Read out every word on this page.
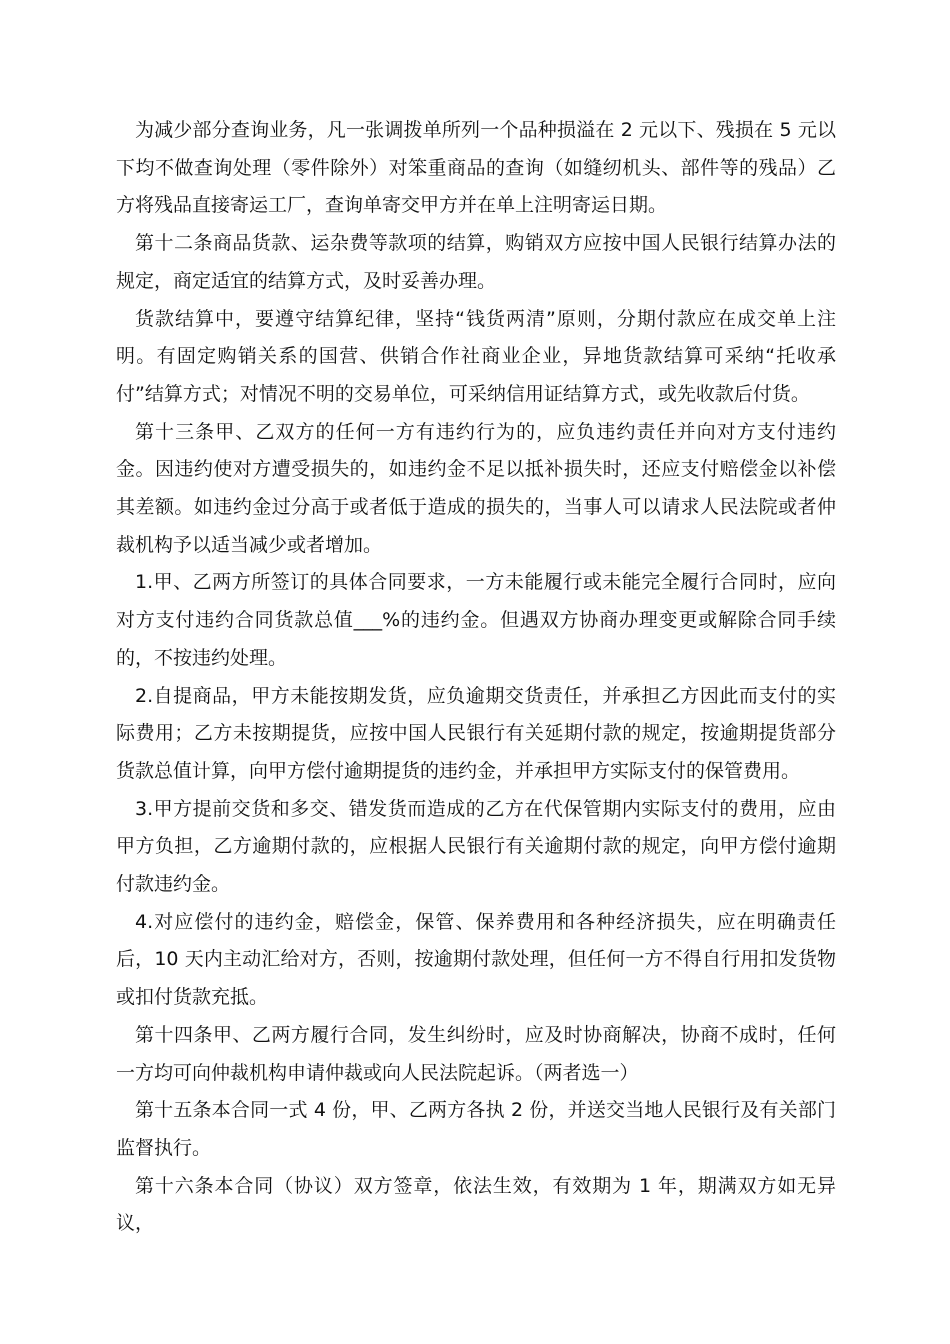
为减少部分查询业务，凡一张调拨单所列一个品种损溢在 2 元以下、残损在 5 元以下均不做查询处理（零件除外）对笨重商品的查询（如缝纫机头、部件等的残品）乙方将残品直接寄运工厂，查询单寄交甲方并在单上注明寄运日期。

第十二条商品货款、运杂费等款项的结算，购销双方应按中国人民银行结算办法的规定，商定适宜的结算方式，及时妥善办理。

货款结算中，要遵守结算纪律，坚持“钱货两清”原则，分期付款应在成交单上注明。有固定购销关系的国营、供销合作社商业企业，异地货款结算可采纳“托收承付”结算方式；对情况不明的交易单位，可采纳信用证结算方式，或先收款后付货。

第十三条甲、乙双方的任何一方有违约行为的，应负违约责任并向对方支付违约金。因违约使对方遭受损失的，如违约金不足以抵补损失时，还应支付赔偿金以补偿其差额。如违约金过分高于或者低于造成的损失的，当事人可以请求人民法院或者仲裁机构予以适当减少或者增加。

1.甲、乙两方所签订的具体合同要求，一方未能履行或未能完全履行合同时，应向对方支付违约合同货款总值___%的违约金。但遇双方协商办理变更或解除合同手续的，不按违约处理。

2.自提商品，甲方未能按期发货，应负逾期交货责任，并承担乙方因此而支付的实际费用；乙方未按期提货，应按中国人民银行有关延期付款的规定，按逾期提货部分货款总值计算，向甲方偿付逾期提货的违约金，并承担甲方实际支付的保管费用。

3.甲方提前交货和多交、错发货而造成的乙方在代保管期内实际支付的费用，应由甲方负担，乙方逾期付款的，应根据人民银行有关逾期付款的规定，向甲方偿付逾期付款违约金。

4.对应偿付的违约金，赔偿金，保管、保养费用和各种经济损失，应在明确责任后，10 天内主动汇给对方，否则，按逾期付款处理，但任何一方不得自行用扣发货物或扣付货款充抵。

第十四条甲、乙两方履行合同，发生纠纷时，应及时协商解决，协商不成时，任何一方均可向仲裁机构申请仲裁或向人民法院起诉。（两者选一）

第十五条本合同一式 4 份，甲、乙两方各执 2 份，并送交当地人民银行及有关部门监督执行。

第十六条本合同（协议）双方签章，依法生效，有效期为 1 年，期满双方如无异议，
